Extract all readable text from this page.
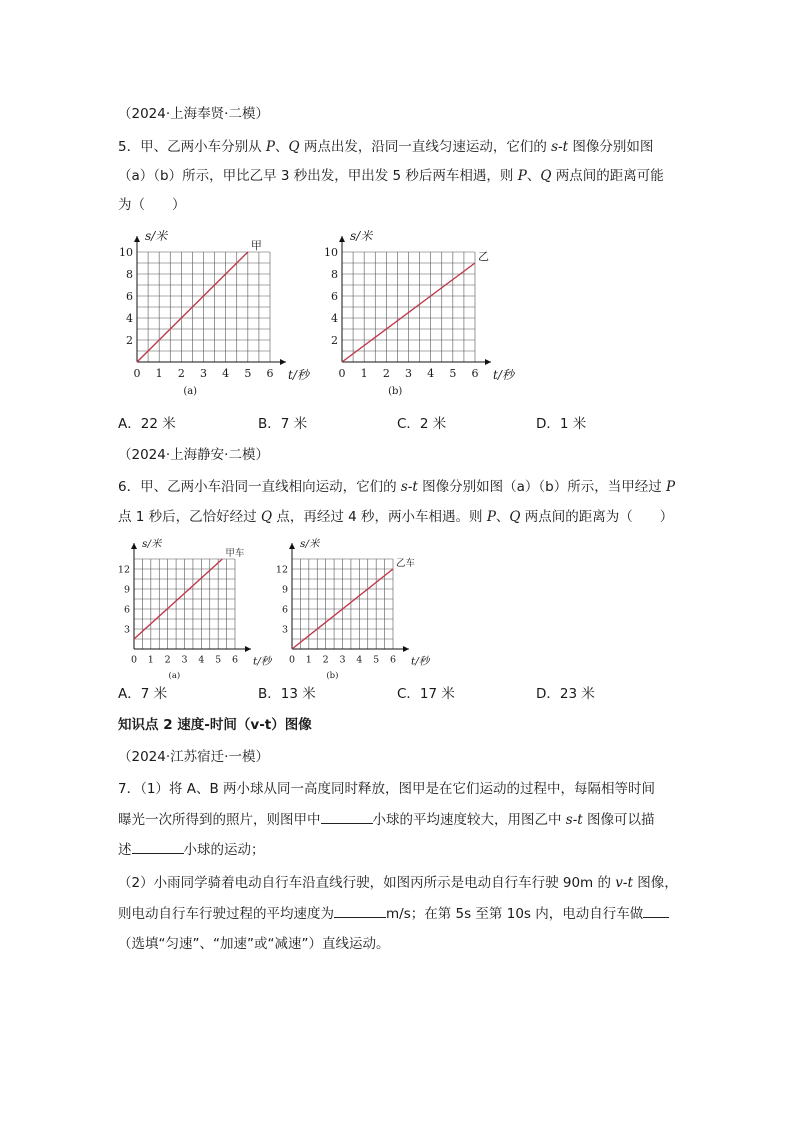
（2024·上海奉贤·二模）
5．甲、乙两小车分别从 P、Q 两点出发，沿同一直线匀速运动，它们的 s-t 图像分别如图
（a）（b）所示，甲比乙早 3 秒出发，甲出发 5 秒后两车相遇，则 P、Q 两点间的距离可能
为（　　）
0 1 2 3 4 5 6
2
4
6
8
10
s/米
t/秒
(a)
甲
0 1 2 3 4 5 6
2
4
6
8
10
s/米
t/秒
(b)
乙
A．22 米	B．7 米	C．2 米	D．1 米
（2024·上海静安·二模）
6．甲、乙两小车沿同一直线相向运动，它们的 s-t 图像分别如图（a）（b）所示，当甲经过 P
点 1 秒后，乙恰好经过 Q 点，再经过 4 秒，两小车相遇。则 P、Q 两点间的距离为（　　）
0 1 2 3 4 5 6
3
6
9
12
s/米
t/秒
(a)
甲车
0 1 2 3 4 5 6
3
6
9
12
s/米
t/秒
(b)
乙车
A．7 米	B．13 米	C．17 米	D．23 米
知识点 2 速度-时间（v-t）图像
（2024·江苏宿迁·一模）
7．（1）将 A、B 两小球从同一高度同时释放，图甲是在它们运动的过程中，每隔相等时间
曝光一次所得到的照片，则图甲中	小球的平均速度较大，用图乙中 s-t 图像可以描
述	小球的运动；
（2）小雨同学骑着电动自行车沿直线行驶，如图丙所示是电动自行车行驶 90m 的 v-t 图像，
则电动自行车行驶过程的平均速度为	m/s；在第 5s 至第 10s 内，电动自行车做
（选填“匀速”、“加速”或“减速”）直线运动。
